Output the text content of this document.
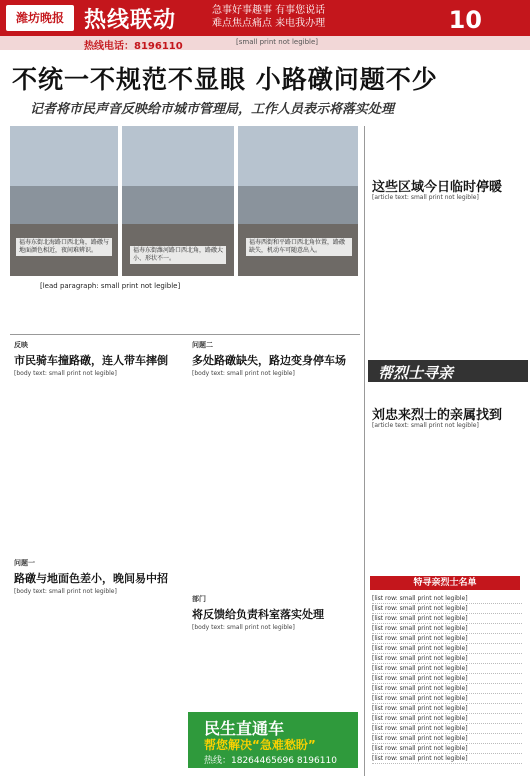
潍坊晚报 热线联动	急事好事趣事 有事您说话
难点焦点痛点 来电我办理	10
热线电话：8196110	[small print not legible]
不统一不规范不显眼 小路礅问题不少
记者将市民声音反映给市城市管理局，工作人员表示将落实处理
福寿东街北海路口西北角，路礅与地面颜色相近，夜间难辨识。	福寿东街潍河路口西北角，路礅大小、形状不一。
福寿西街和平路口西北角位置，路礅缺失，机动车可随意出入。
[lead paragraph: small print not legible]
反映
市民骑车撞路礅，连人带车摔倒
[body text: small print not legible]
问题二
多处路礅缺失，路边变身停车场
[body text: small print not legible]
问题一
路礅与地面色差小，晚间易中招
[body text: small print not legible]
部门
将反馈给负责科室落实处理
[body text: small print not legible]
这些区域今日临时停暖
[article text: small print not legible]
帮烈士寻亲
刘忠来烈士的亲属找到
[article text: small print not legible]
特寻亲烈士名单
[list row: small print not legible]
[list row: small print not legible]
[list row: small print not legible]
[list row: small print not legible]
[list row: small print not legible]
[list row: small print not legible]
[list row: small print not legible]
[list row: small print not legible]
[list row: small print not legible]
[list row: small print not legible]
[list row: small print not legible]
[list row: small print not legible]
[list row: small print not legible]
[list row: small print not legible]
[list row: small print not legible]
[list row: small print not legible]
[list row: small print not legible]
民生直通车
帮您解决“急难愁盼”
热线：18264465696 8196110
